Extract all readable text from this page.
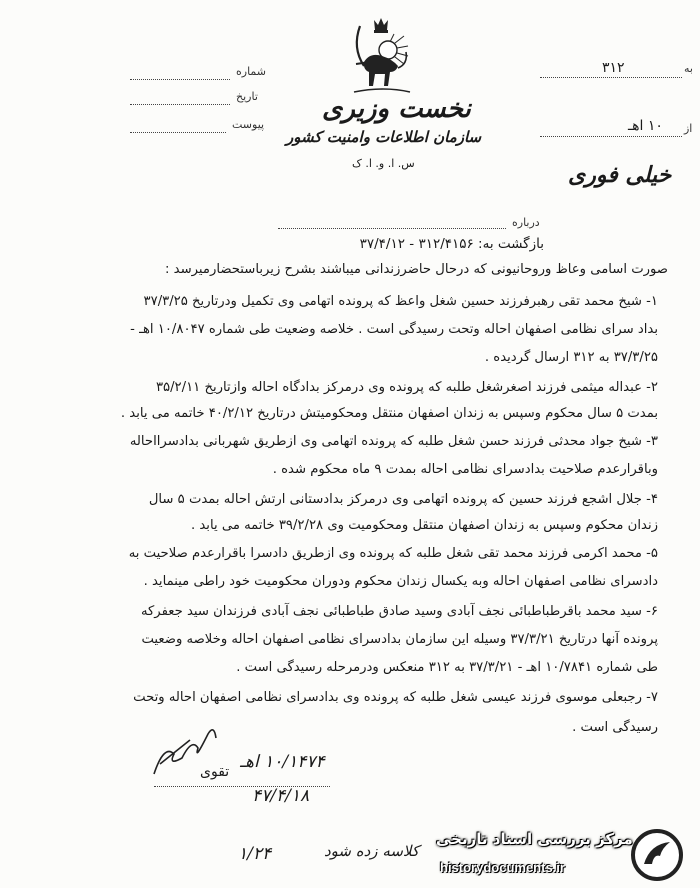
شماره
تاریخ
پیوست
نخست وزیری
سازمان اطلاعات وامنیت کشور
س. ا. و. ا. ک
به
۳۱۲
از
۱۰ اهـ
خیلی فوری
درباره
بازگشت به: ۳۱۲/۴۱۵۶ - ۳۷/۴/۱۲
صورت اسامی وعاظ وروحانیونی که درحال حاضرزندانی میباشند بشرح زیرباستحضارمیرسد :
۱- شیخ محمد تقی رهبرفرزند حسین شغل واعظ که پرونده اتهامی وی تکمیل ودرتاریخ ۳۷/۳/۲۵
بداد سرای نظامی اصفهان احاله وتحت رسیدگی است . خلاصه وضعیت طی شماره ۱۰/۸۰۴۷ اهـ -
۳۷/۳/۲۵ به ۳۱۲ ارسال گردیده .
۲- عبداله میثمی فرزند اصغرشغل طلبه که پرونده وی درمرکز بدادگاه احاله وازتاریخ ۳۵/۲/۱۱
بمدت ۵ سال محکوم وسپس به زندان اصفهان منتقل ومحکومیتش درتاریخ ۴۰/۲/۱۲ خاتمه می یابد .
۳- شیخ جواد محدثی فرزند حسن شغل طلبه که پرونده اتهامی وی ازطریق شهربانی بدادسرااحاله
وباقرارعدم صلاحیت بدادسرای نظامی احاله بمدت ۹ ماه محکوم شده .
۴- جلال اشجع فرزند حسین که پرونده اتهامی وی درمرکز بدادستانی ارتش احاله بمدت ۵ سال
زندان محکوم وسپس به زندان اصفهان منتقل ومحکومیت وی ۳۹/۲/۲۸ خاتمه می یابد .
۵- محمد اکرمی فرزند محمد تقی شغل طلبه که پرونده وی ازطریق دادسرا باقرارعدم صلاحیت به
دادسرای نظامی اصفهان احاله وبه یکسال زندان محکوم ودوران محکومیت خود راطی مینماید .
۶- سید محمد باقرطباطبائی نجف آبادی وسید صادق طباطبائی نجف آبادی فرزندان سید جعفرکه
پرونده آنها درتاریخ ۳۷/۳/۲۱ وسیله این سازمان بدادسرای نظامی اصفهان احاله وخلاصه وضعیت
طی شماره ۱۰/۷۸۴۱ اهـ - ۳۷/۳/۲۱ به ۳۱۲ منعکس ودرمرحله رسیدگی است .
۷- رجبعلی موسوی فرزند عیسی شغل طلبه که پرونده وی بدادسرای نظامی اصفهان احاله وتحت
رسیدگی است .
تقوی ۱۰/۱۴۷۴ اهـ
۴۷/۴/۱۸
۱/۲۴	کلاسه زده شود
مرکز بررسی اسناد تاریخی
historydocuments.ir
